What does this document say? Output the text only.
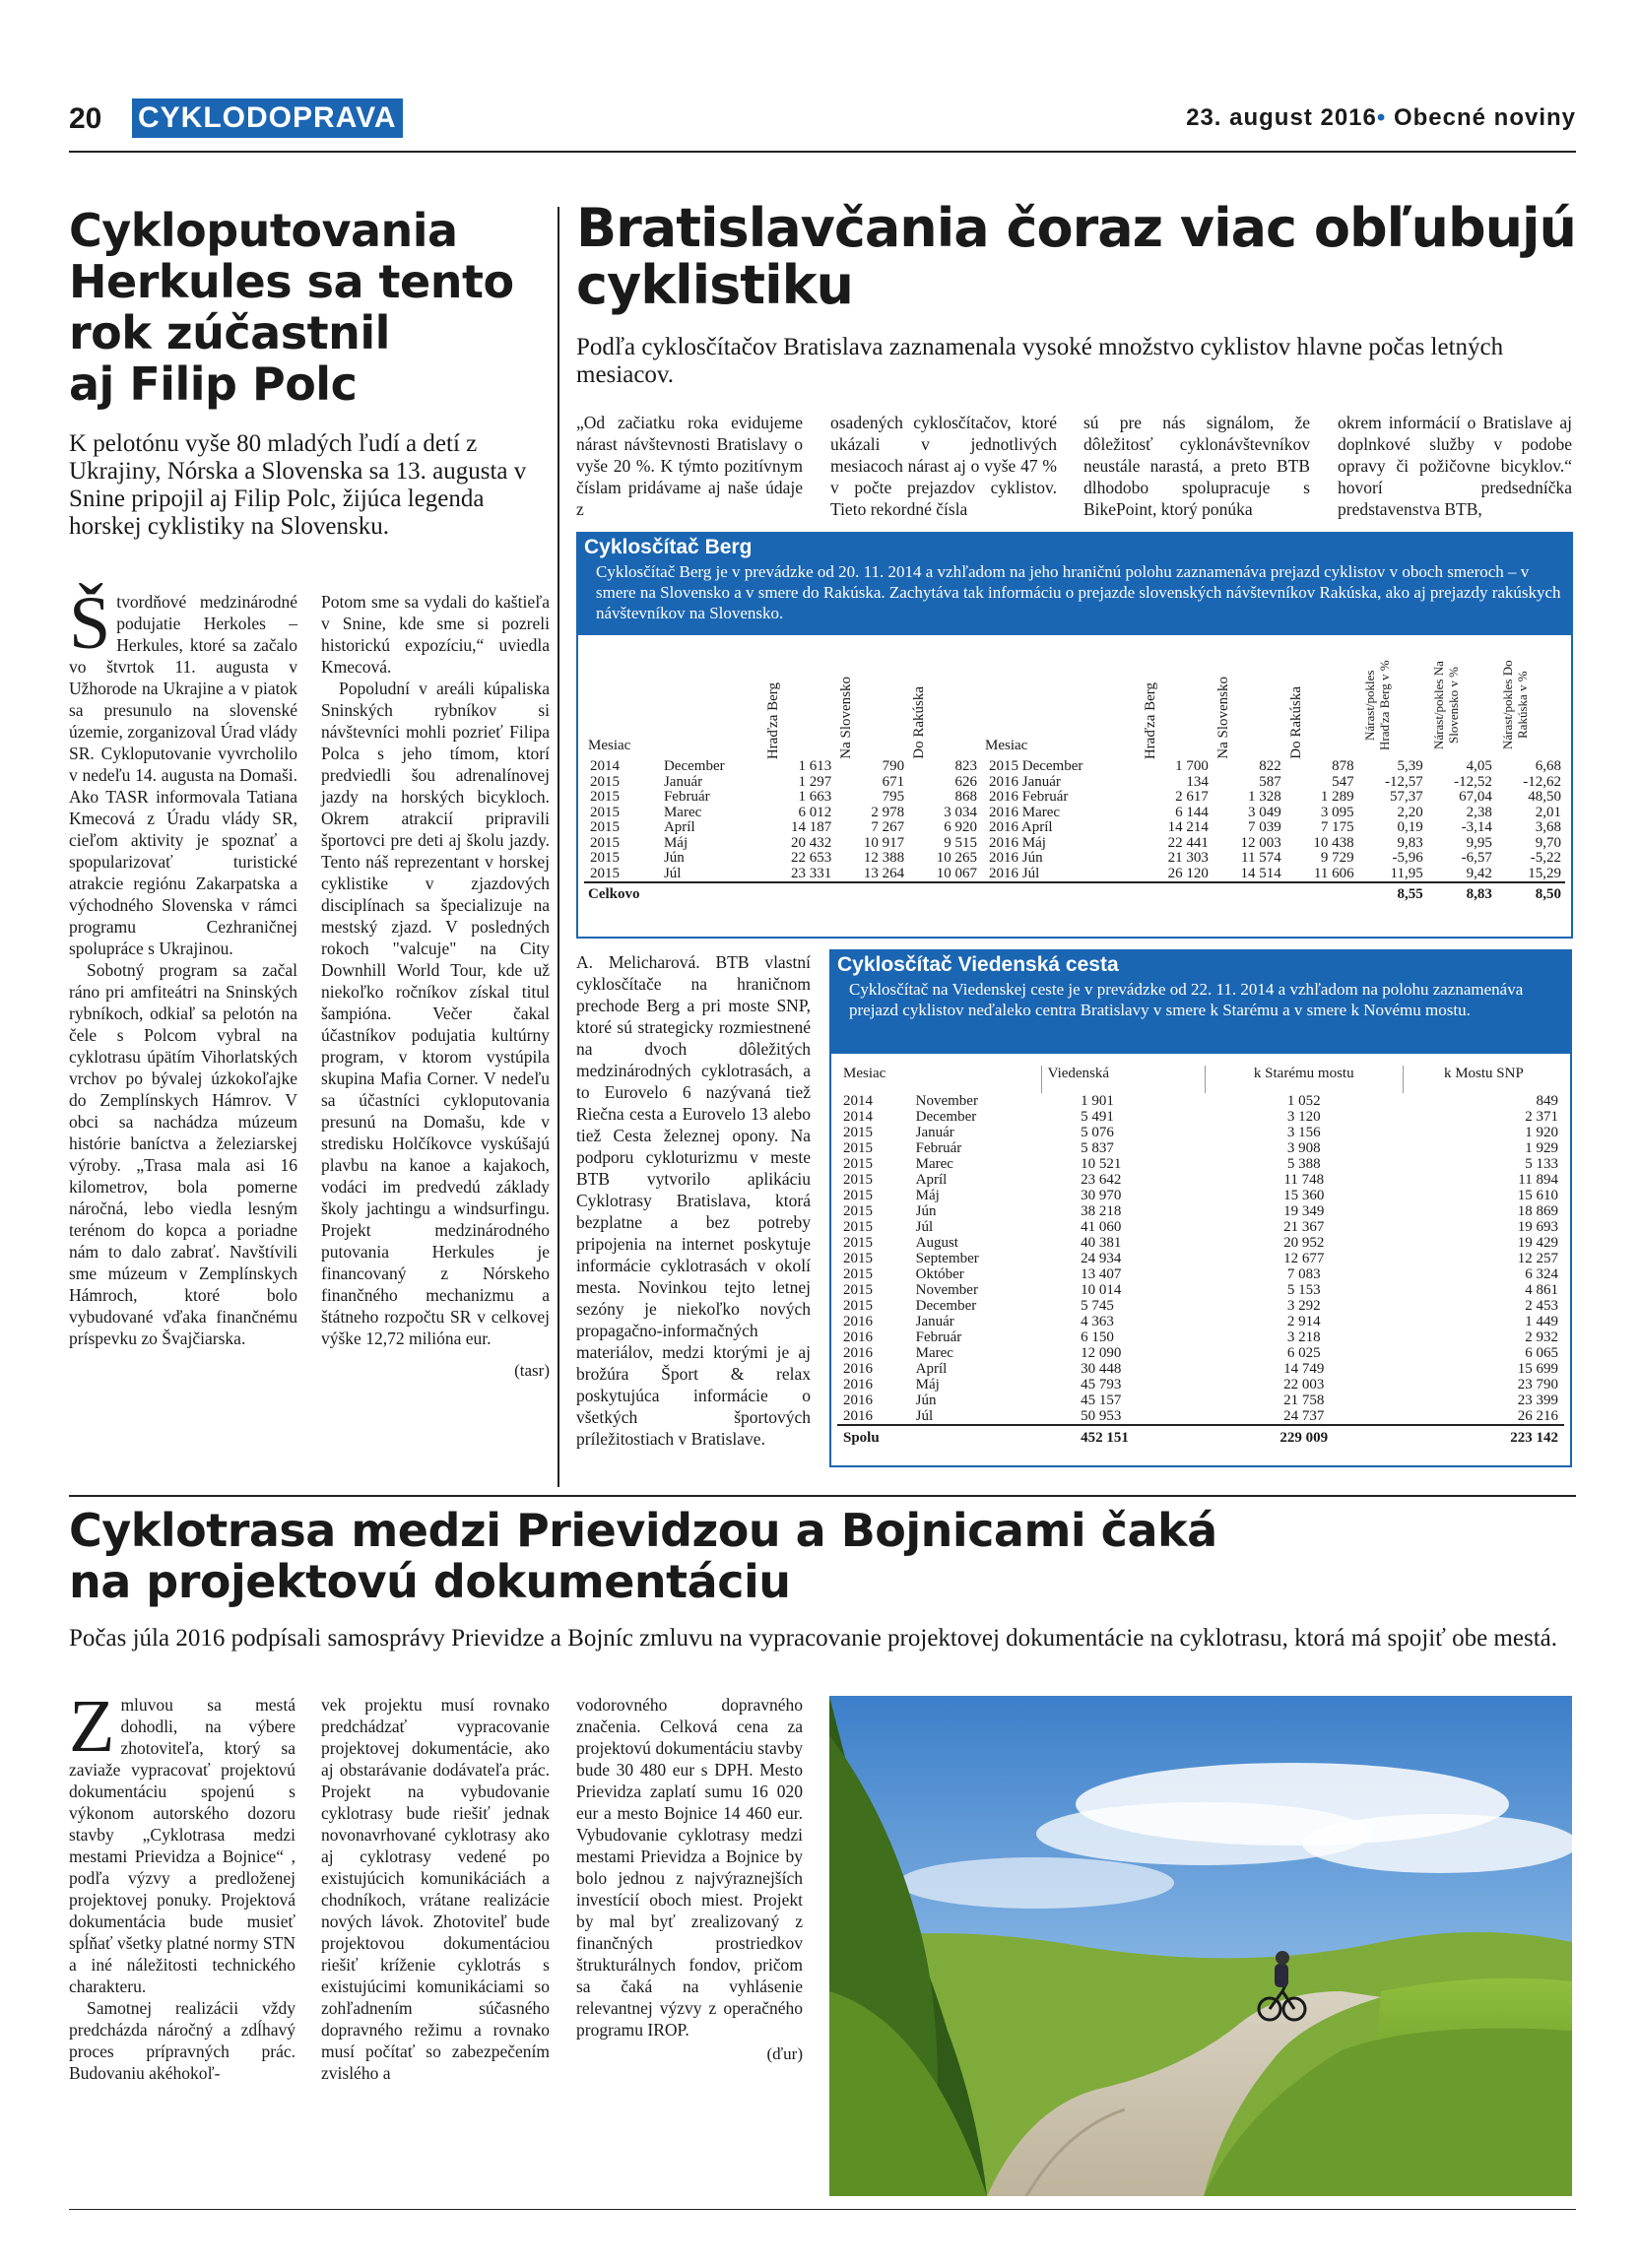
20 CYKLODOPRAVA	23. august 2016• Obecné noviny
Cykloputovania
Herkules sa tento
rok zúčastnil
aj Filip Polc
K pelotónu vyše 80 mladých ľudí a detí z Ukrajiny, Nórska a Slovenska sa 13. augusta v Snine pripojil aj Filip Polc, žijúca legenda horskej cyklistiky na Slovensku.

Štvordňové medzinárodné podujatie Herkoles – Herkules, ktoré sa začalo vo štvrtok 11. augusta v Užhorode na Ukrajine a v piatok sa presunulo na slovenské územie, zorganizoval Úrad vlády SR. Cykloputovanie vyvrcholilo v nedeľu 14. augusta na Domaši. Ako TASR informovala Tatiana Kmecová z Úradu vlády SR, cieľom aktivity je spoznať a spopularizovať turistické atrakcie regiónu Zakarpatska a východného Slovenska v rámci programu Cezhraničnej spolupráce s Ukrajinou.

Sobotný program sa začal ráno pri amfiteátri na Sninských rybníkoch, odkiaľ sa pelotón na čele s Polcom vybral na cyklotrasu úpätím Vihorlatských vrchov po bývalej úzkokoľajke do Zemplínskych Hámrov. V obci sa nachádza múzeum histórie baníctva a železiarskej výroby. „Trasa mala asi 16 kilometrov, bola pomerne náročná, lebo viedla lesným terénom do kopca a poriadne nám to dalo zabrať. Navštívili sme múzeum v Zemplínskych Hámroch, ktoré bolo vybudované vďaka finančnému príspevku zo Švajčiarska.

Potom sme sa vydali do kaštieľa v Snine, kde sme si pozreli historickú expozíciu,“ uviedla Kmecová.

Popoludní v areáli kúpaliska Sninských rybníkov si návštevníci mohli pozrieť Filipa Polca s jeho tímom, ktorí predviedli šou adrenalínovej jazdy na horských bicykloch. Okrem atrakcií pripravili športovci pre deti aj školu jazdy. Tento náš reprezentant v horskej cyklistike v zjazdových disciplínach sa špecializuje na mestský zjazd. V posledných rokoch "valcuje" na City Downhill World Tour, kde už niekoľko ročníkov získal titul šampióna. Večer čakal účastníkov podujatia kultúrny program, v ktorom vystúpila skupina Mafia Corner. V nedeľu sa účastníci cykloputovania presunú na Domašu, kde v stredisku Holčíkovce vyskúšajú plavbu na kanoe a kajakoch, vodáci im predvedú základy školy jachtingu a windsurfingu. Projekt medzinárodného putovania Herkules je financovaný z Nórskeho finančného mechanizmu a štátneho rozpočtu SR v celkovej výške 12,72 milióna eur.

(tasr)
Bratislavčania čoraz viac obľubujú
cyklistiku
Podľa cyklosčítačov Bratislava zaznamenala vysoké množstvo cyklistov hlavne počas letných mesiacov.

„Od začiatku roka evidujeme nárast návštevnosti Bratislavy o vyše 20 %. K týmto pozitívnym číslam pridávame aj naše údaje z

osadených cyklosčítačov, ktoré ukázali v jednotlivých mesiacoch nárast aj o vyše 47 % v počte prejazdov cyklistov. Tieto rekordné čísla

sú pre nás signálom, že dôležitosť cyklonávštevníkov neustále narastá, a preto BTB dlhodobo spolupracuje s BikePoint, ktorý ponúka

okrem informácií o Bratislave aj doplnkové služby v podobe opravy či požičovne bicyklov.“ hovorí predsedníčka predstavenstva BTB,

Cyklosčítač Berg
Cyklosčítač Berg je v prevádzke od 20. 11. 2014 a vzhľadom na jeho hraničnú polohu zaznamenáva prejazd cyklistov v oboch smeroch – v smere na Slovensko a v smere do Rakúska. Zachytáva tak informáciu o prejazde slovenských návštevníkov Rakúska, ako aj prejazdy rakúskych návštevníkov na Slovensko.
Mesiac		Hraďza Berg	Na Slovensko	Do Rakúska	Mesiac	Hraďza Berg	Na Slovensko	Do Rakúska	Nárast/pokles Hraďza Berg v %	Nárast/pokles Na Slovensko v %	Nárast/pokles Do Rakúska v %

2014	December	1 613	790	823	2015 December	1 700	822	878	5,39	4,05	6,68
2015	Január	1 297	671	626	2016 Január	134	587	547	-12,57	-12,52	-12,62
2015	Február	1 663	795	868	2016 Február	2 617	1 328	1 289	57,37	67,04	48,50
2015	Marec	6 012	2 978	3 034	2016 Marec	6 144	3 049	3 095	2,20	2,38	2,01
2015	Apríl	14 187	7 267	6 920	2016 Apríl	14 214	7 039	7 175	0,19	-3,14	3,68
2015	Máj	20 432	10 917	9 515	2016 Máj	22 441	12 003	10 438	9,83	9,95	9,70
2015	Jún	22 653	12 388	10 265	2016 Jún	21 303	11 574	9 729	-5,96	-6,57	-5,22
2015	Júl	23 331	13 264	10 067	2016 Júl	26 120	14 514	11 606	11,95	9,42	15,29
Celkovo									8,55	8,83	8,50

A. Melicharová. BTB vlastní cyklosčítače na hraničnom prechode Berg a pri moste SNP, ktoré sú strategicky rozmiestnené na dvoch dôležitých medzinárodných cyklotrasách, a to Eurovelo 6 nazývaná tiež Riečna cesta a Eurovelo 13 alebo tiež Cesta železnej opony. Na podporu cykloturizmu v meste BTB vytvorilo aplikáciu Cyklotrasy Bratislava, ktorá bezplatne a bez potreby pripojenia na internet poskytuje informácie cyklotrasách v okolí mesta. Novinkou tejto letnej sezóny je niekoľko nových propagačno-informačných materiálov, medzi ktorými je aj brožúra Šport & relax poskytujúca informácie o všetkých športových príležitostiach v Bratislave.

Cyklosčítač Viedenská cesta
Cyklosčítač na Viedenskej ceste je v prevádzke od 22. 11. 2014 a vzhľadom na polohu zaznamenáva prejazd cyklistov neďaleko centra Bratislavy v smere k Starému a v smere k Novému mostu.
Mesiac		Viedenská	k Starému mostu	k Mostu SNP
2014	November	1 901	1 052	849
2014	December	5 491	3 120	2 371
2015	Január	5 076	3 156	1 920
2015	Február	5 837	3 908	1 929
2015	Marec	10 521	5 388	5 133
2015	Apríl	23 642	11 748	11 894
2015	Máj	30 970	15 360	15 610
2015	Jún	38 218	19 349	18 869
2015	Júl	41 060	21 367	19 693
2015	August	40 381	20 952	19 429
2015	September	24 934	12 677	12 257
2015	Október	13 407	7 083	6 324
2015	November	10 014	5 153	4 861
2015	December	5 745	3 292	2 453
2016	Január	4 363	2 914	1 449
2016	Február	6 150	3 218	2 932
2016	Marec	12 090	6 025	6 065
2016	Apríl	30 448	14 749	15 699
2016	Máj	45 793	22 003	23 790
2016	Jún	45 157	21 758	23 399
2016	Júl	50 953	24 737	26 216
Spolu		452 151	229 009	223 142
Cyklotrasa medzi Prievidzou a Bojnicami čaká
na projektovú dokumentáciu
Počas júla 2016 podpísali samosprávy Prievidze a Bojníc zmluvu na vypracovanie projektovej dokumentácie na cyklotrasu, ktorá má spojiť obe mestá.

Zmluvou sa mestá dohodli, na výbere zhotoviteľa, ktorý sa zaviaže vypracovať projektovú dokumentáciu spojenú s výkonom autorského dozoru stavby „Cyklotrasa medzi mestami Prievidza a Bojnice“ , podľa výzvy a predloženej projektovej ponuky. Projektová dokumentácia bude musieť spĺňať všetky platné normy STN a iné náležitosti technického charakteru.

Samotnej realizácii vždy predcházda náročný a zdĺhavý proces prípravných prác. Budovaniu akéhokoľ-

vek projektu musí rovnako predchádzať vypracovanie projektovej dokumentácie, ako aj obstarávanie dodávateľa prác. Projekt na vybudovanie cyklotrasy bude riešiť jednak novonavrhované cyklotrasy ako aj cyklotrasy vedené po existujúcich komunikáciách a chodníkoch, vrátane realizácie nových lávok. Zhotoviteľ bude projektovou dokumentáciou riešiť kríženie cyklotrás s existujúcimi komunikáciami so zohľadnením súčasného dopravného režimu a rovnako musí počítať so zabezpečením zvislého a

vodorovného dopravného značenia. Celková cena za projektovú dokumentáciu stavby bude 30 480 eur s DPH. Mesto Prievidza zaplatí sumu 16 020 eur a mesto Bojnice 14 460 eur. Vybudovanie cyklotrasy medzi mestami Prievidza a Bojnice by bolo jednou z najvýraznejších investícií oboch miest. Projekt by mal byť zrealizovaný z finančných prostriedkov štrukturálnych fondov, pričom sa čaká na vyhlásenie relevantnej výzvy z operačného programu IROP.

(ďur)
